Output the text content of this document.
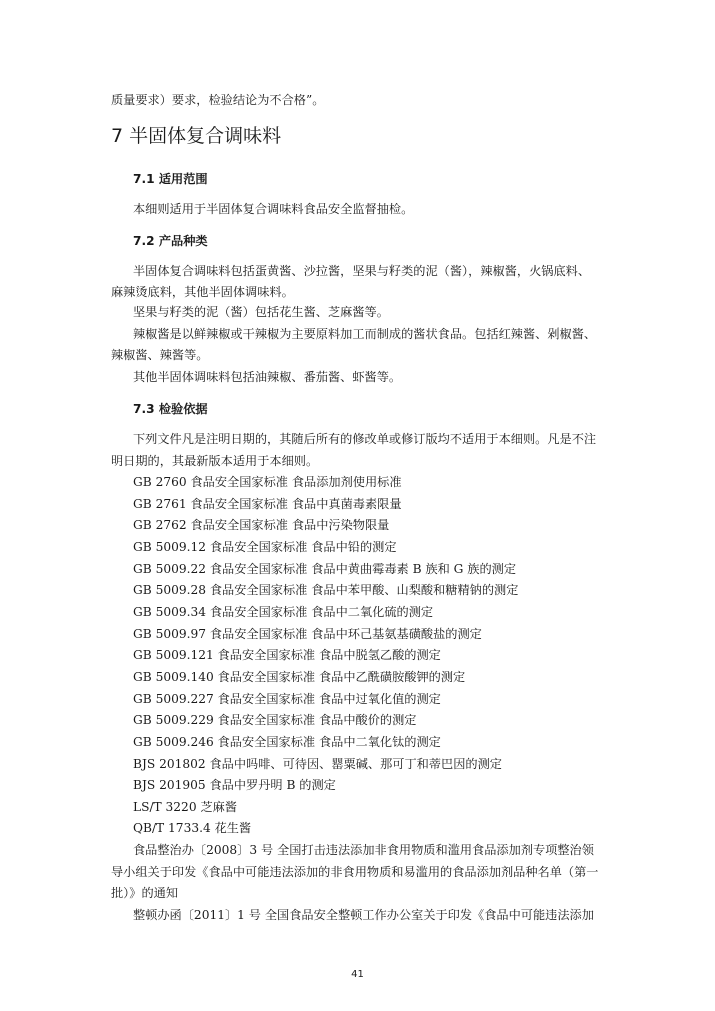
质量要求）要求，检验结论为不合格”。
7 半固体复合调味料
7.1 适用范围
本细则适用于半固体复合调味料食品安全监督抽检。
7.2 产品种类
半固体复合调味料包括蛋黄酱、沙拉酱，坚果与籽类的泥（酱），辣椒酱，火锅底料、
麻辣烫底料，其他半固体调味料。
坚果与籽类的泥（酱）包括花生酱、芝麻酱等。
辣椒酱是以鲜辣椒或干辣椒为主要原料加工而制成的酱状食品。包括红辣酱、剁椒酱、
辣椒酱、辣酱等。
其他半固体调味料包括油辣椒、番茄酱、虾酱等。
7.3 检验依据
下列文件凡是注明日期的，其随后所有的修改单或修订版均不适用于本细则。凡是不注
明日期的，其最新版本适用于本细则。
GB 2760 食品安全国家标准 食品添加剂使用标准
GB 2761 食品安全国家标准 食品中真菌毒素限量
GB 2762 食品安全国家标准 食品中污染物限量
GB 5009.12 食品安全国家标准 食品中铅的测定
GB 5009.22 食品安全国家标准 食品中黄曲霉毒素 B 族和 G 族的测定
GB 5009.28 食品安全国家标准 食品中苯甲酸、山梨酸和糖精钠的测定
GB 5009.34 食品安全国家标准 食品中二氧化硫的测定
GB 5009.97 食品安全国家标准 食品中环己基氨基磺酸盐的测定
GB 5009.121 食品安全国家标准 食品中脱氢乙酸的测定
GB 5009.140 食品安全国家标准 食品中乙酰磺胺酸钾的测定
GB 5009.227 食品安全国家标准 食品中过氧化值的测定
GB 5009.229 食品安全国家标准 食品中酸价的测定
GB 5009.246 食品安全国家标准 食品中二氧化钛的测定
BJS 201802 食品中吗啡、可待因、罂粟碱、那可丁和蒂巴因的测定
BJS 201905 食品中罗丹明 B 的测定
LS/T 3220 芝麻酱
QB/T 1733.4 花生酱
食品整治办〔2008〕3 号 全国打击违法添加非食用物质和滥用食品添加剂专项整治领
导小组关于印发《食品中可能违法添加的非食用物质和易滥用的食品添加剂品种名单（第一
批）》的通知
整顿办函〔2011〕1 号 全国食品安全整顿工作办公室关于印发《食品中可能违法添加
41
